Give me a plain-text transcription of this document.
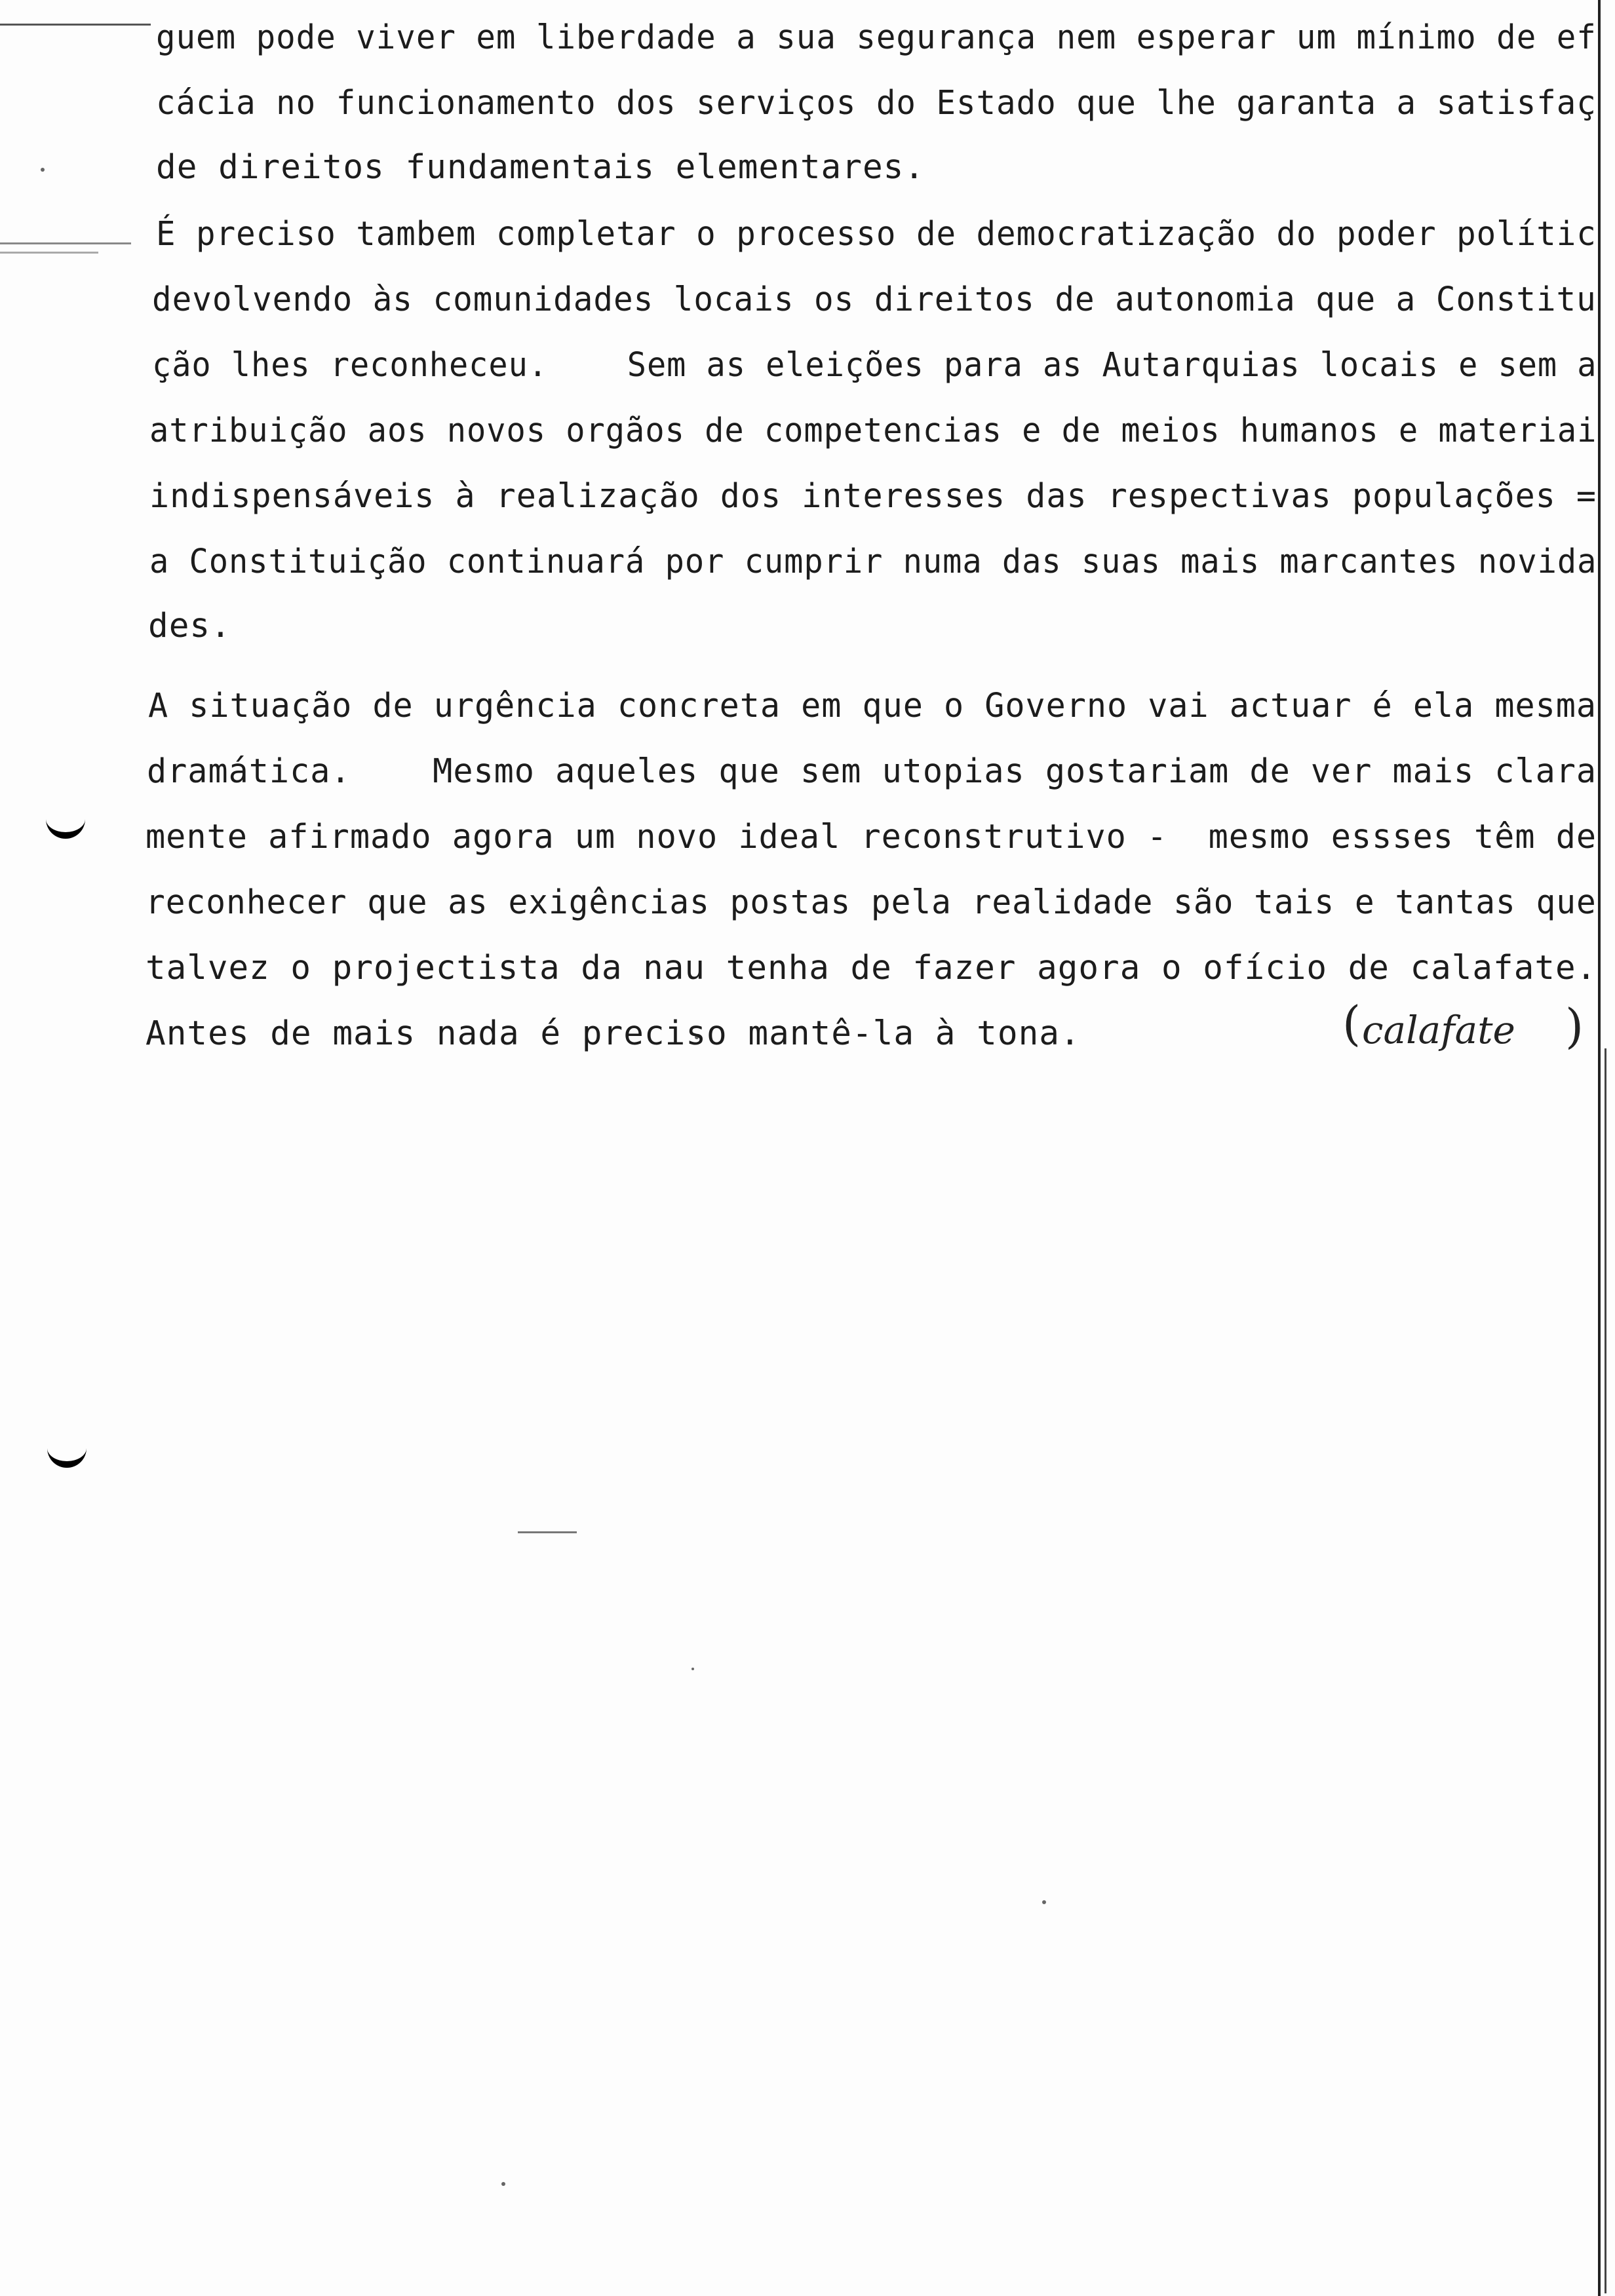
guem pode viver em liberdade a sua segurança nem esperar um mínimo de ef
cácia no funcionamento dos serviços do Estado que lhe garanta a satisfaç
de direitos fundamentais elementares.
É preciso tambem completar o processo de democratização do poder polític
devolvendo às comunidades locais os direitos de autonomia que a Constitu
ção lhes reconheceu.    Sem as eleições para as Autarquias locais e sem a
atribuição aos novos orgãos de competencias e de meios humanos e materiai
indispensáveis à realização dos interesses das respectivas populações =
a Constituição continuará por cumprir numa das suas mais marcantes novida
des.
A situação de urgência concreta em que o Governo vai actuar é ela mesma
dramática.    Mesmo aqueles que sem utopias gostariam de ver mais clara
mente afirmado agora um novo ideal reconstrutivo -  mesmo essses têm de
reconhecer que as exigências postas pela realidade são tais e tantas que
talvez o projectista da nau tenha de fazer agora o ofício de calafate.
Antes de mais nada é preciso mantê-la à tona.	( calafate )
